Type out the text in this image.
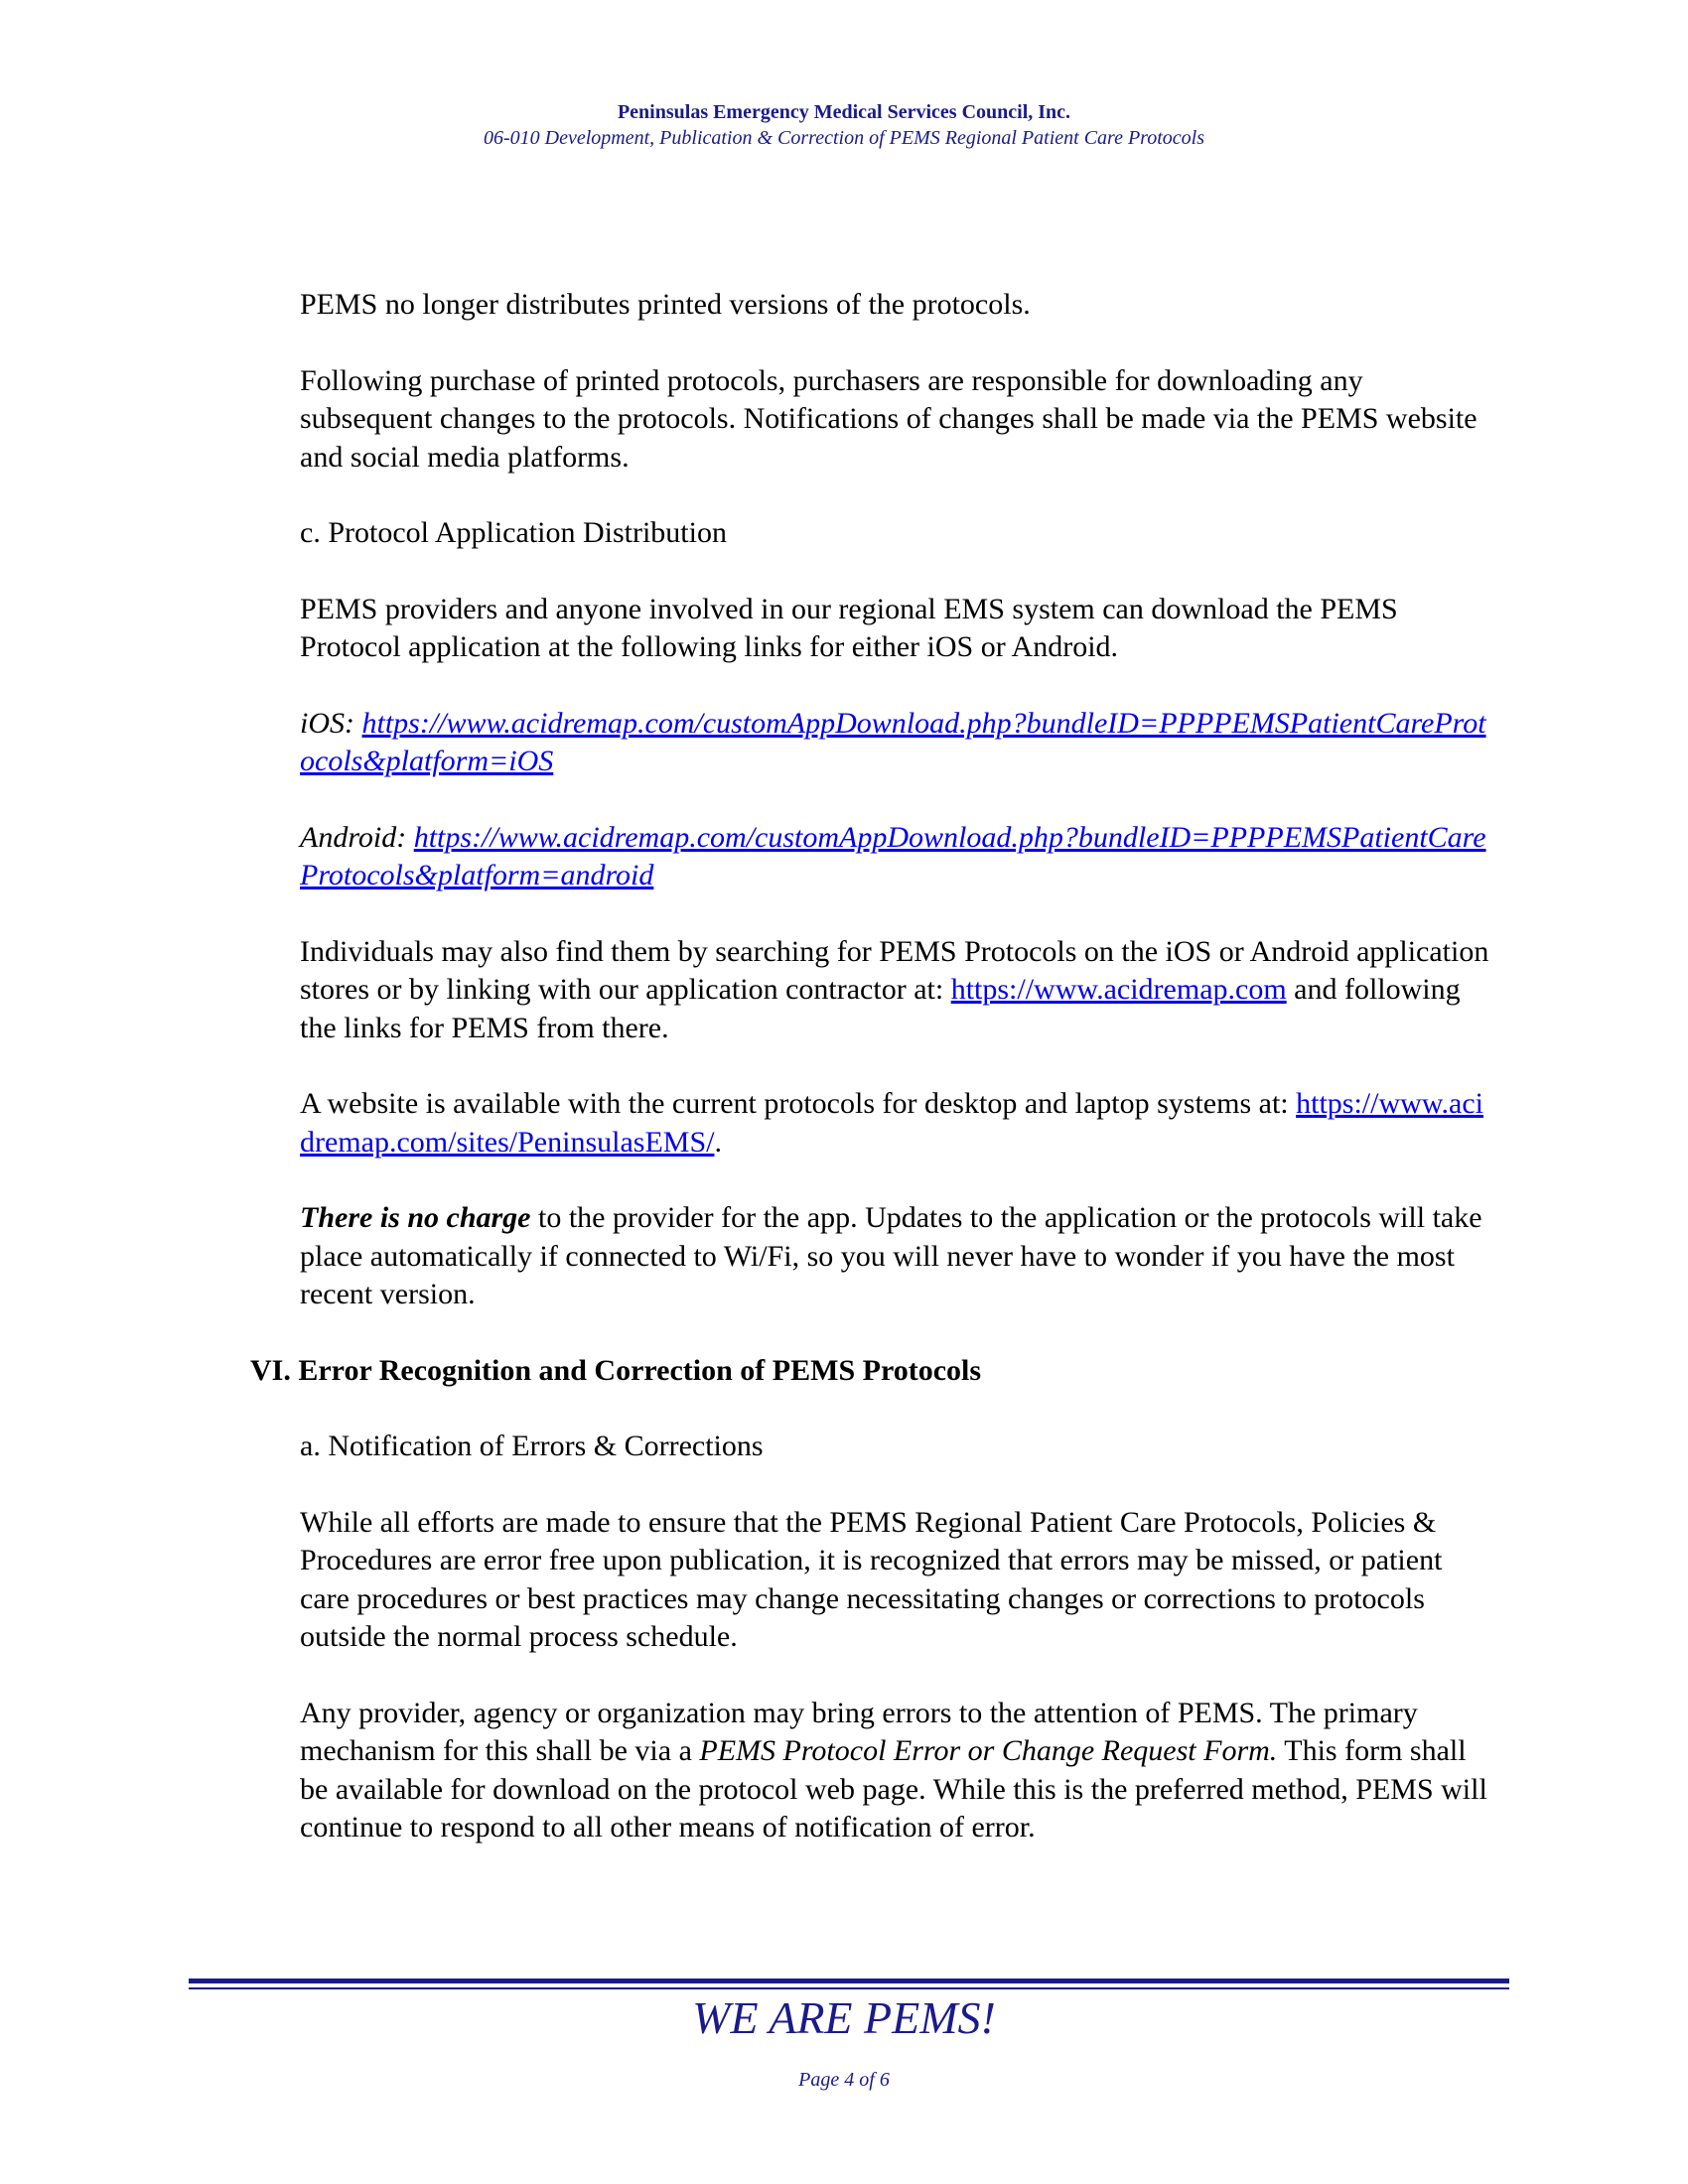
Peninsulas Emergency Medical Services Council, Inc.
06-010 Development, Publication & Correction of PEMS Regional Patient Care Protocols

PEMS no longer distributes printed versions of the protocols.

Following purchase of printed protocols, purchasers are responsible for downloading any subsequent changes to the protocols. Notifications of changes shall be made via the PEMS website and social media platforms.

c. Protocol Application Distribution

PEMS providers and anyone involved in our regional EMS system can download the PEMS Protocol application at the following links for either iOS or Android.

iOS: https://www.acidremap.com/customAppDownload.php?bundleID=PPPPEMSPatientCareProtocols&platform=iOS

Android: https://www.acidremap.com/customAppDownload.php?bundleID=PPPPEMSPatientCareProtocols&platform=android

Individuals may also find them by searching for PEMS Protocols on the iOS or Android application stores or by linking with our application contractor at: https://www.acidremap.com and following the links for PEMS from there.

A website is available with the current protocols for desktop and laptop systems at: https://www.acidremap.com/sites/PeninsulasEMS/.

There is no charge to the provider for the app. Updates to the application or the protocols will take place automatically if connected to Wi/Fi, so you will never have to wonder if you have the most recent version.

VI. Error Recognition and Correction of PEMS Protocols

a. Notification of Errors & Corrections

While all efforts are made to ensure that the PEMS Regional Patient Care Protocols, Policies & Procedures are error free upon publication, it is recognized that errors may be missed, or patient care procedures or best practices may change necessitating changes or corrections to protocols outside the normal process schedule.

Any provider, agency or organization may bring errors to the attention of PEMS. The primary mechanism for this shall be via a PEMS Protocol Error or Change Request Form. This form shall be available for download on the protocol web page. While this is the preferred method, PEMS will continue to respond to all other means of notification of error.

WE ARE PEMS!
Page 4 of 6
